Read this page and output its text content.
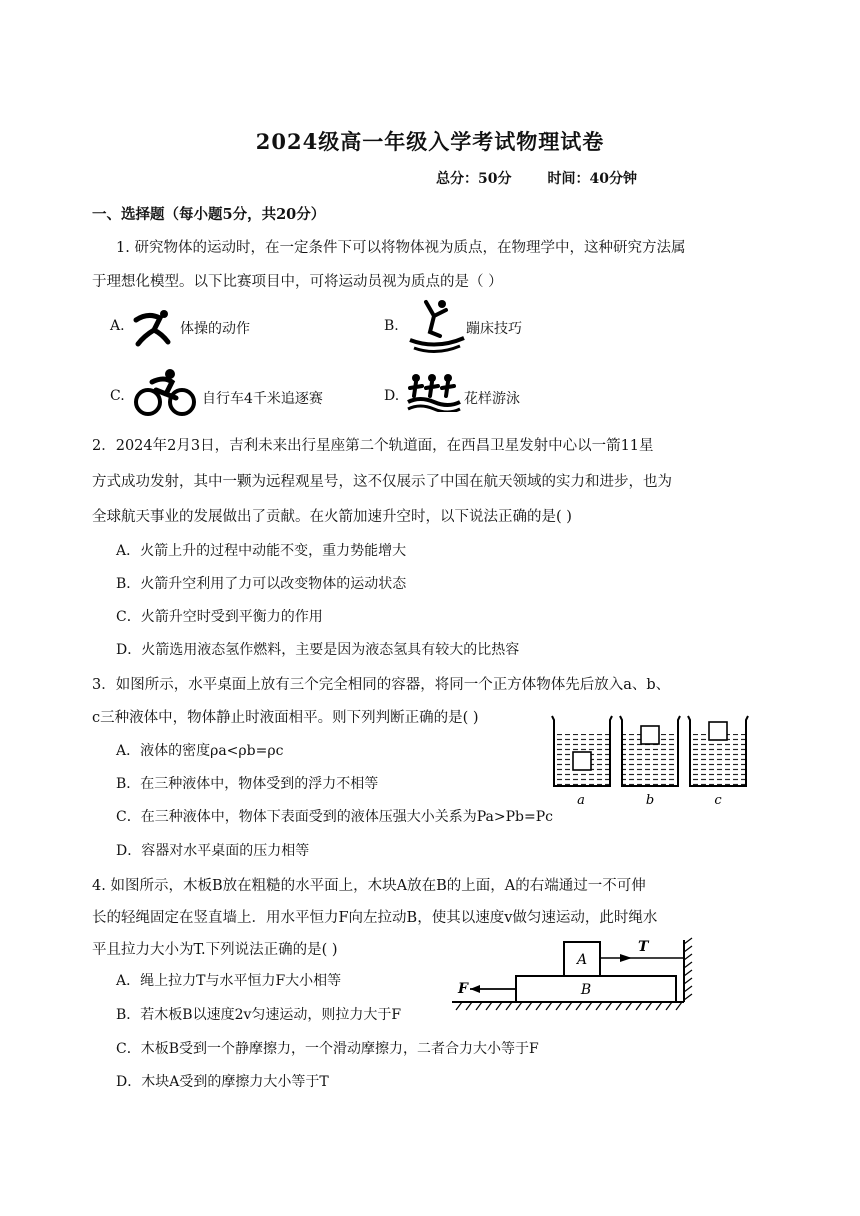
2024级高一年级入学考试物理试卷
总分：50分	时间：40分钟
一、选择题（每小题5分，共20分）
1. 研究物体的运动时，在一定条件下可以将物体视为质点，在物理学中，这种研究方法属
于理想化模型。以下比赛项目中，可将运动员视为质点的是（ ）
A.	体操的动作	B.	蹦床技巧
C.	自行车4千米追逐赛	D.	花样游泳
2．2024年2月3日，吉利未来出行星座第二个轨道面，在西昌卫星发射中心以一箭11星
方式成功发射，其中一颗为远程观星号，这不仅展示了中国在航天领域的实力和进步，也为
全球航天事业的发展做出了贡献。在火箭加速升空时，以下说法正确的是( )
A．火箭上升的过程中动能不变，重力势能增大
B．火箭升空利用了力可以改变物体的运动状态
C．火箭升空时受到平衡力的作用
D．火箭选用液态氢作燃料，主要是因为液态氢具有较大的比热容
3．如图所示，水平桌面上放有三个完全相同的容器，将同一个正方体物体先后放入a、b、
c三种液体中，物体静止时液面相平。则下列判断正确的是( )
A．液体的密度ρa<ρb=ρc
B．在三种液体中，物体受到的浮力不相等
C．在三种液体中，物体下表面受到的液体压强大小关系为Pa>Pb=Pc
D．容器对水平桌面的压力相等
a	b	c
4. 如图所示，木板B放在粗糙的水平面上，木块A放在B的上面，A的右端通过一不可伸
长的轻绳固定在竖直墙上．用水平恒力F向左拉动B，使其以速度v做匀速运动，此时绳水
平且拉力大小为T.下列说法正确的是( )
A．绳上拉力T与水平恒力F大小相等
B．若木板B以速度2v匀速运动，则拉力大于F
C．木板B受到一个静摩擦力，一个滑动摩擦力，二者合力大小等于F
D．木块A受到的摩擦力大小等于T
B
A
T
F
